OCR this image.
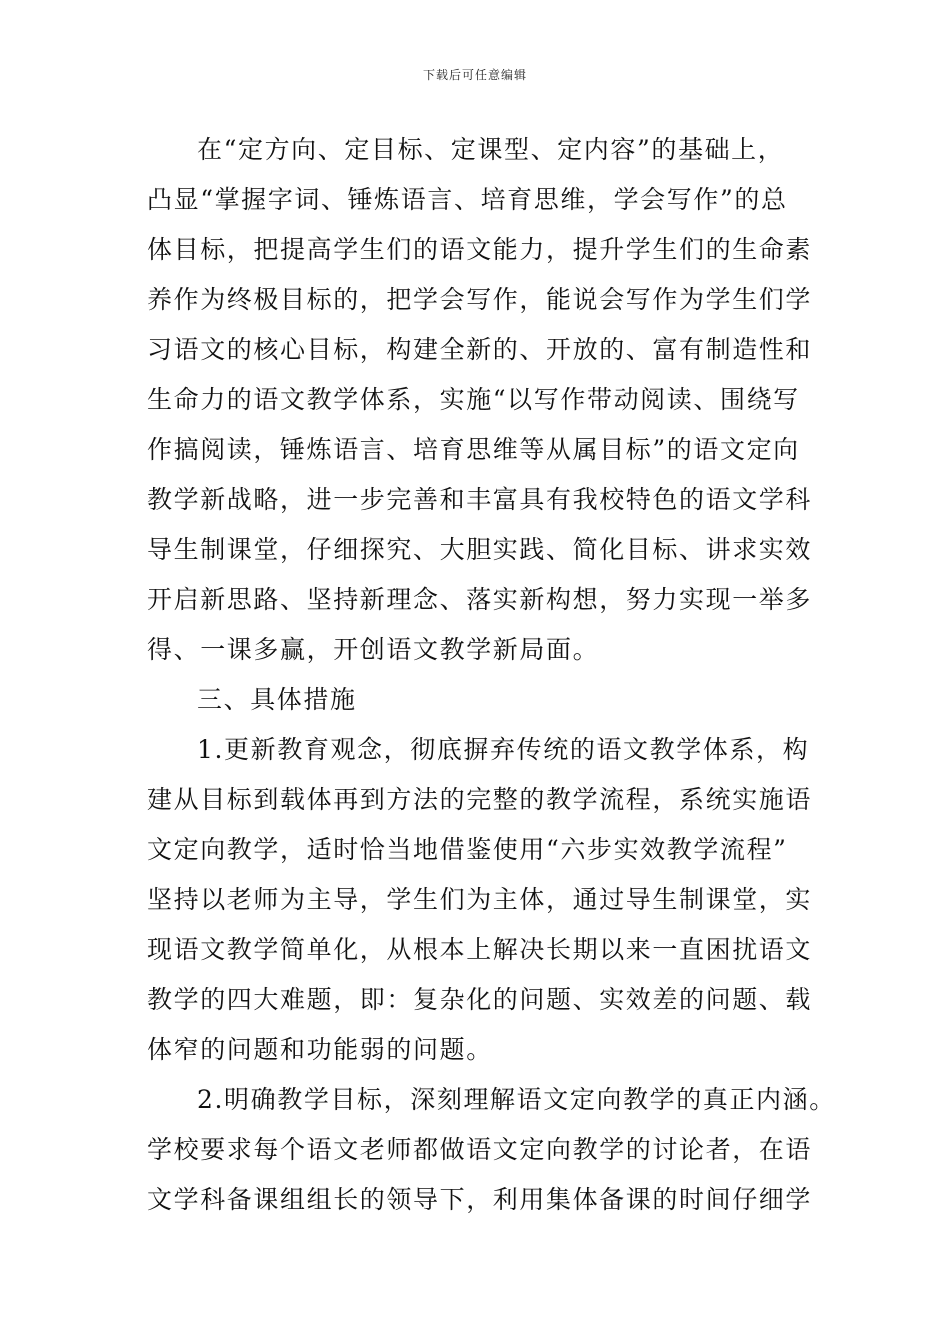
下载后可任意编辑
在“定方向、定目标、定课型、定内容”的基础上，
凸显“掌握字词、锤炼语言、培育思维，学会写作”的总
体目标，把提高学生们的语文能力，提升学生们的生命素
养作为终极目标的，把学会写作，能说会写作为学生们学
习语文的核心目标，构建全新的、开放的、富有制造性和
生命力的语文教学体系，实施“以写作带动阅读、围绕写
作搞阅读，锤炼语言、培育思维等从属目标”的语文定向
教学新战略，进一步完善和丰富具有我校特色的语文学科
导生制课堂，仔细探究、大胆实践、简化目标、讲求实效
开启新思路、坚持新理念、落实新构想，努力实现一举多
得、一课多赢，开创语文教学新局面。
三、具体措施
1.更新教育观念，彻底摒弃传统的语文教学体系，构
建从目标到载体再到方法的完整的教学流程，系统实施语
文定向教学，适时恰当地借鉴使用“六步实效教学流程”
坚持以老师为主导，学生们为主体，通过导生制课堂，实
现语文教学简单化，从根本上解决长期以来一直困扰语文
教学的四大难题，即：复杂化的问题、实效差的问题、载
体窄的问题和功能弱的问题。
2.明确教学目标，深刻理解语文定向教学的真正内涵。
学校要求每个语文老师都做语文定向教学的讨论者，在语
文学科备课组组长的领导下，利用集体备课的时间仔细学
